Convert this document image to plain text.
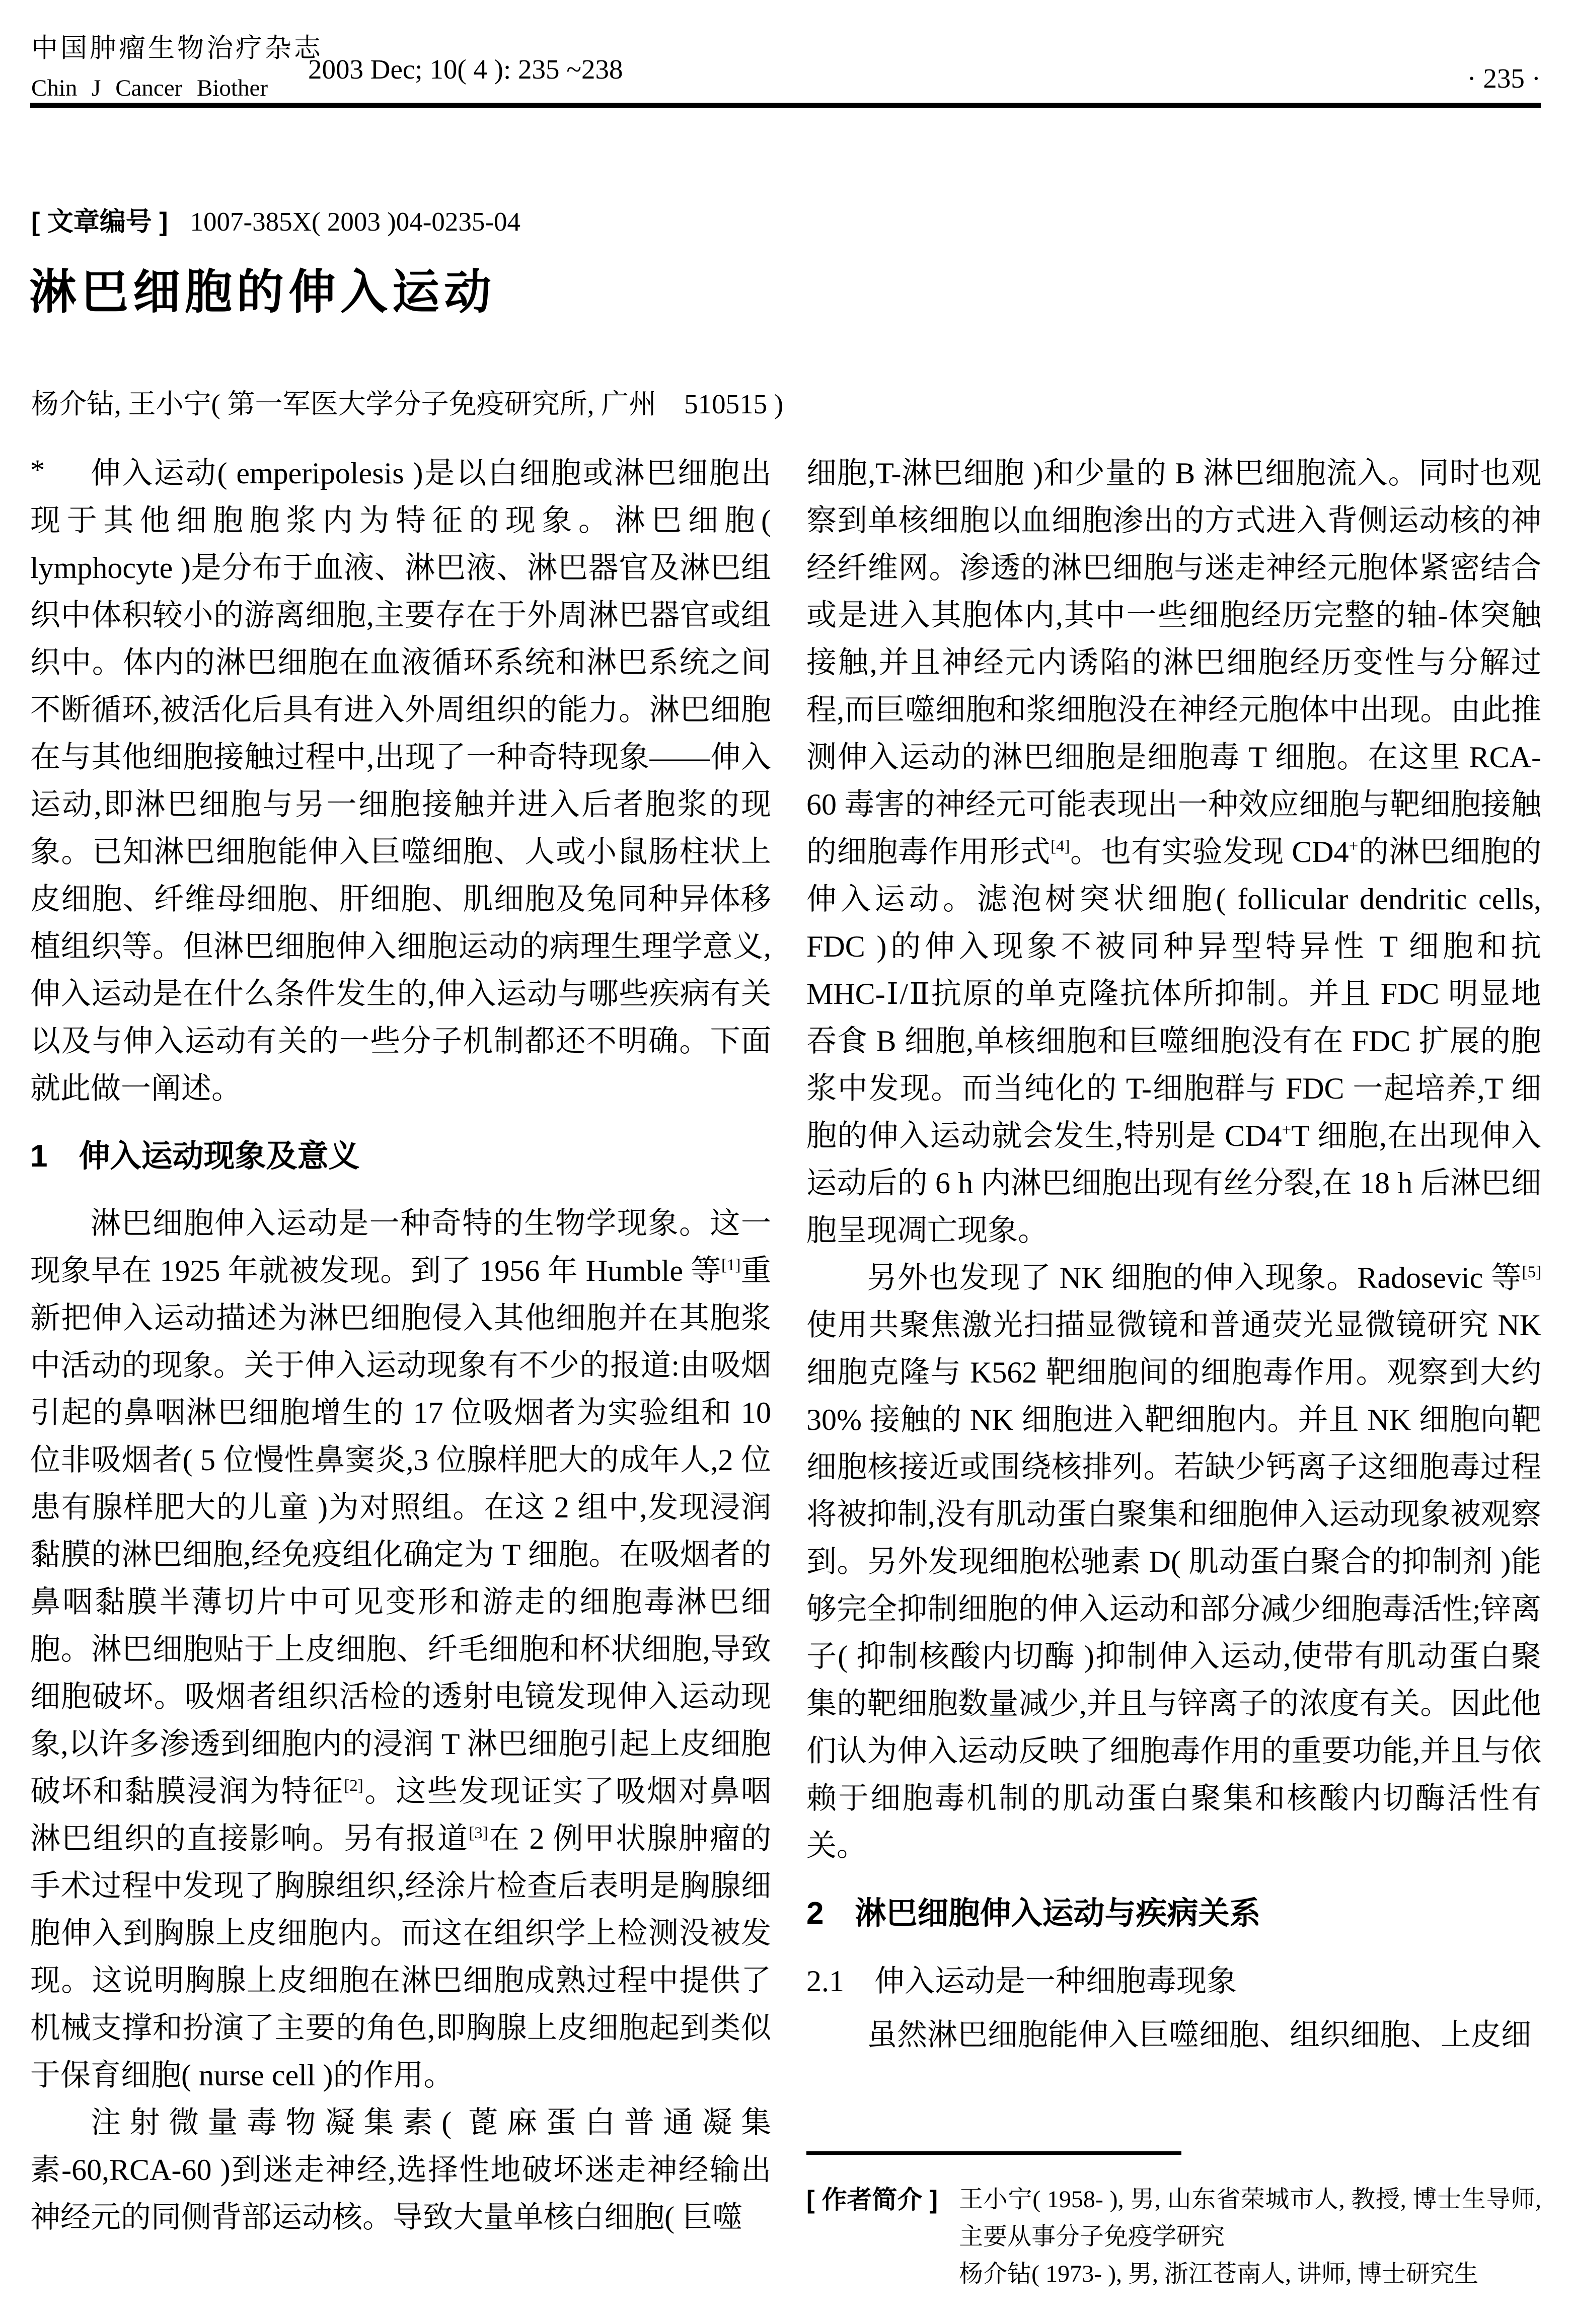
中国肿瘤生物治疗杂志
Chin J Cancer Biother
2003 Dec; 10( 4 ): 235 ~238	· 235 ·
[ 文章编号 ] 1007-385X( 2003 )04-0235-04
淋巴细胞的伸入运动
杨介钻, 王小宁( 第一军医大学分子免疫研究所, 广州　510515 )

* 伸入运动( emperipolesis )是以白细胞或淋巴细胞出现于其他细胞胞浆内为特征的现象。淋巴细胞( lymphocyte )是分布于血液、淋巴液、淋巴器官及淋巴组织中体积较小的游离细胞,主要存在于外周淋巴器官或组织中。体内的淋巴细胞在血液循环系统和淋巴系统之间不断循环,被活化后具有进入外周组织的能力。淋巴细胞在与其他细胞接触过程中,出现了一种奇特现象——伸入运动,即淋巴细胞与另一细胞接触并进入后者胞浆的现象。已知淋巴细胞能伸入巨噬细胞、人或小鼠肠柱状上皮细胞、纤维母细胞、肝细胞、肌细胞及兔同种异体移植组织等。但淋巴细胞伸入细胞运动的病理生理学意义,伸入运动是在什么条件发生的,伸入运动与哪些疾病有关以及与伸入运动有关的一些分子机制都还不明确。下面就此做一阐述。

1　伸入运动现象及意义

淋巴细胞伸入运动是一种奇特的生物学现象。这一现象早在 1925 年就被发现。到了 1956 年 Humble 等[1]重新把伸入运动描述为淋巴细胞侵入其他细胞并在其胞浆中活动的现象。关于伸入运动现象有不少的报道:由吸烟引起的鼻咽淋巴细胞增生的 17 位吸烟者为实验组和 10 位非吸烟者( 5 位慢性鼻窦炎,3 位腺样肥大的成年人,2 位患有腺样肥大的儿童 )为对照组。在这 2 组中,发现浸润黏膜的淋巴细胞,经免疫组化确定为 T 细胞。在吸烟者的鼻咽黏膜半薄切片中可见变形和游走的细胞毒淋巴细胞。淋巴细胞贴于上皮细胞、纤毛细胞和杯状细胞,导致细胞破坏。吸烟者组织活检的透射电镜发现伸入运动现象,以许多渗透到细胞内的浸润 T 淋巴细胞引起上皮细胞破坏和黏膜浸润为特征[2]。这些发现证实了吸烟对鼻咽淋巴组织的直接影响。另有报道[3]在 2 例甲状腺肿瘤的手术过程中发现了胸腺组织,经涂片检查后表明是胸腺细胞伸入到胸腺上皮细胞内。而这在组织学上检测没被发现。这说明胸腺上皮细胞在淋巴细胞成熟过程中提供了机械支撑和扮演了主要的角色,即胸腺上皮细胞起到类似于保育细胞( nurse cell )的作用。

注射微量毒物凝集素( 蓖麻蛋白普通凝集素-60,RCA-60 )到迷走神经,选择性地破坏迷走神经输出神经元的同侧背部运动核。导致大量单核白细胞( 巨噬

细胞,T-淋巴细胞 )和少量的 B 淋巴细胞流入。同时也观察到单核细胞以血细胞渗出的方式进入背侧运动核的神经纤维网。渗透的淋巴细胞与迷走神经元胞体紧密结合或是进入其胞体内,其中一些细胞经历完整的轴-体突触接触,并且神经元内诱陷的淋巴细胞经历变性与分解过程,而巨噬细胞和浆细胞没在神经元胞体中出现。由此推测伸入运动的淋巴细胞是细胞毒 T 细胞。在这里 RCA-60 毒害的神经元可能表现出一种效应细胞与靶细胞接触的细胞毒作用形式[4]。也有实验发现 CD4+的淋巴细胞的伸入运动。滤泡树突状细胞( follicular dendritic cells, FDC )的伸入现象不被同种异型特异性 T 细胞和抗 MHC-Ⅰ/Ⅱ抗原的单克隆抗体所抑制。并且 FDC 明显地吞食 B 细胞,单核细胞和巨噬细胞没有在 FDC 扩展的胞浆中发现。而当纯化的 T-细胞群与 FDC 一起培养,T 细胞的伸入运动就会发生,特别是 CD4+T 细胞,在出现伸入运动后的 6 h 内淋巴细胞出现有丝分裂,在 18 h 后淋巴细胞呈现凋亡现象。

另外也发现了 NK 细胞的伸入现象。Radosevic 等[5]使用共聚焦激光扫描显微镜和普通荧光显微镜研究 NK 细胞克隆与 K562 靶细胞间的细胞毒作用。观察到大约 30% 接触的 NK 细胞进入靶细胞内。并且 NK 细胞向靶细胞核接近或围绕核排列。若缺少钙离子这细胞毒过程将被抑制,没有肌动蛋白聚集和细胞伸入运动现象被观察到。另外发现细胞松驰素 D( 肌动蛋白聚合的抑制剂 )能够完全抑制细胞的伸入运动和部分减少细胞毒活性;锌离子( 抑制核酸内切酶 )抑制伸入运动,使带有肌动蛋白聚集的靶细胞数量减少,并且与锌离子的浓度有关。因此他们认为伸入运动反映了细胞毒作用的重要功能,并且与依赖于细胞毒机制的肌动蛋白聚集和核酸内切酶活性有关。

2　淋巴细胞伸入运动与疾病关系
2.1　伸入运动是一种细胞毒现象

虽然淋巴细胞能伸入巨噬细胞、组织细胞、上皮细

[ 作者简介 ] 王小宁( 1958- ), 男, 山东省荣城市人, 教授, 博士生导师, 主要从事分子免疫学研究

杨介钻( 1973- ), 男, 浙江苍南人, 讲师, 博士研究生
